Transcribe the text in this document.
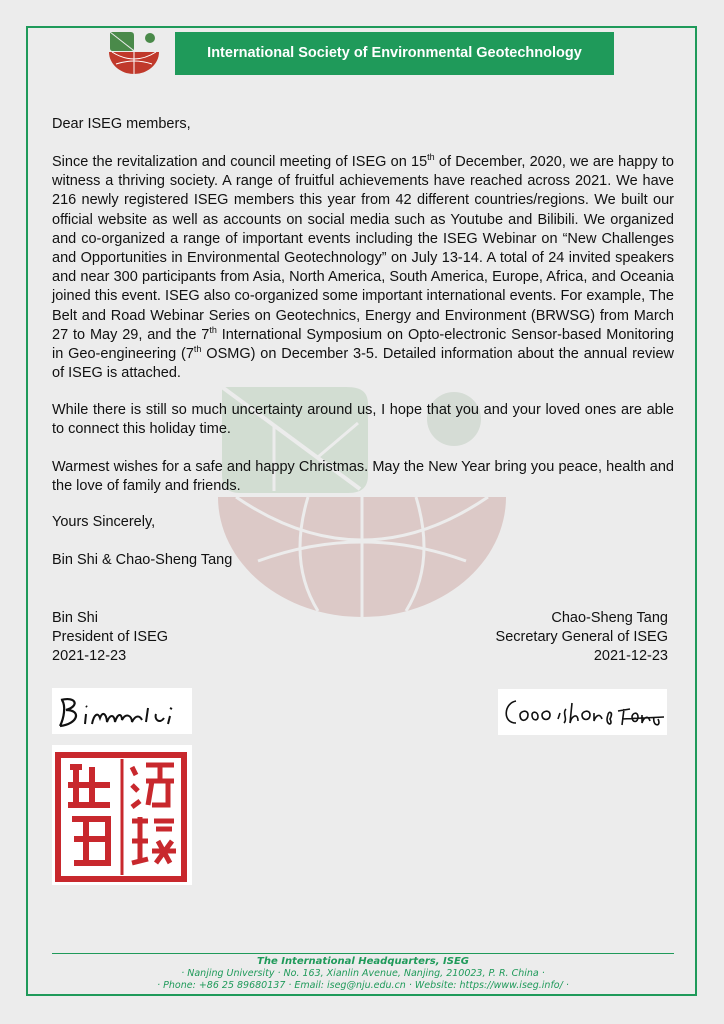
International Society of Environmental Geotechnology
Dear ISEG members,
Since the revitalization and council meeting of ISEG on 15th of December, 2020, we are happy to witness a thriving society. A range of fruitful achievements have reached across 2021. We have 216 newly registered ISEG members this year from 42 different countries/regions. We built our official website as well as accounts on social media such as Youtube and Bilibili. We organized and co-organized a range of important events including the ISEG Webinar on “New Challenges and Opportunities in Environmental Geotechnology” on July 13-14. A total of 24 invited speakers and near 300 participants from Asia, North America, South America, Europe, Africa, and Oceania joined this event. ISEG also co-organized some important international events. For example, The Belt and Road Webinar Series on Geotechnics, Energy and Environment (BRWSG) from March 27 to May 29, and the 7th International Symposium on Opto-electronic Sensor-based Monitoring in Geo-engineering (7th OSMG) on December 3-5. Detailed information about the annual review of ISEG is attached.
While there is still so much uncertainty around us, I hope that you and your loved ones are able to connect this holiday time.
Warmest wishes for a safe and happy Christmas. May the New Year bring you peace, health and the love of family and friends.
Yours Sincerely,
Bin Shi & Chao-Sheng Tang
Bin Shi
President of ISEG
2021-12-23
Chao-Sheng Tang
Secretary General of ISEG
2021-12-23
The International Headquarters, ISEG
· Nanjing University · No. 163, Xianlin Avenue, Nanjing, 210023, P. R. China ·
· Phone: +86 25 89680137 · Email: iseg@nju.edu.cn · Website: https://www.iseg.info/ ·
